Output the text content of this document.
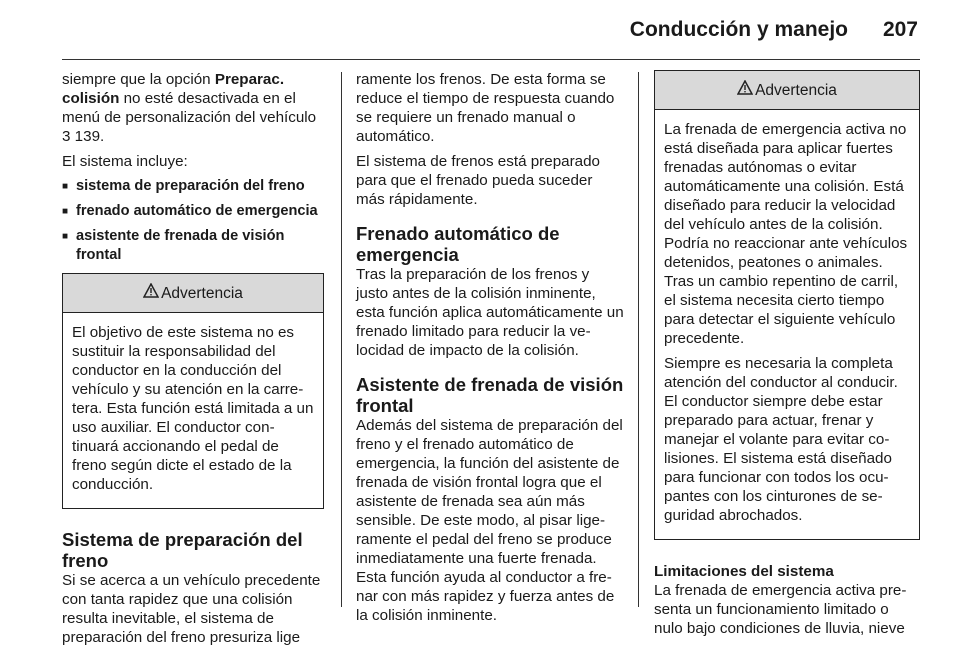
Conducción y manejo 207

siempre que la opción Preparac. colisión no esté desactivada en el menú de personalización del vehículo 3 139.

El sistema incluye:

■ sistema de preparación del freno
■ frenado automático de emergencia
■ asistente de frenada de visión frontal
Advertencia

El objetivo de este sistema no es sustituir la responsabilidad del conductor en la conducción del vehículo y su atención en la carretera. Esta función está limitada a un uso auxiliar. El conductor continuará accionando el pedal de freno según dicte el estado de la conducción.

Sistema de preparación del freno

Si se acerca a un vehículo precedente con tanta rapidez que una colisión resulta inevitable, el sistema de preparación del freno presuriza lige

ramente los frenos. De esta forma se reduce el tiempo de respuesta cuando se requiere un frenado manual o automático.

El sistema de frenos está preparado para que el frenado pueda suceder más rápidamente.

Frenado automático de emergencia

Tras la preparación de los frenos y justo antes de la colisión inminente, esta función aplica automáticamente un frenado limitado para reducir la velocidad de impacto de la colisión.

Asistente de frenada de visión frontal

Además del sistema de preparación del freno y el frenado automático de emergencia, la función del asistente de frenada de visión frontal logra que el asistente de frenada sea aún más sensible. De este modo, al pisar ligeramente el pedal del freno se produce inmediatamente una fuerte frenada. Esta función ayuda al conductor a frenar con más rapidez y fuerza antes de la colisión inminente.

Advertencia

La frenada de emergencia activa no está diseñada para aplicar fuertes frenadas autónomas o evitar automáticamente una colisión. Está diseñado para reducir la velocidad del vehículo antes de la colisión. Podría no reaccionar ante vehículos detenidos, peatones o animales. Tras un cambio repentino de carril, el sistema necesita cierto tiempo para detectar el siguiente vehículo precedente.

Siempre es necesaria la completa atención del conductor al conducir. El conductor siempre debe estar preparado para actuar, frenar y manejar el volante para evitar colisiones. El sistema está diseñado para funcionar con todos los ocupantes con los cinturones de seguridad abrochados.

Limitaciones del sistema

La frenada de emergencia activa presenta un funcionamiento limitado o nulo bajo condiciones de lluvia, nieve
